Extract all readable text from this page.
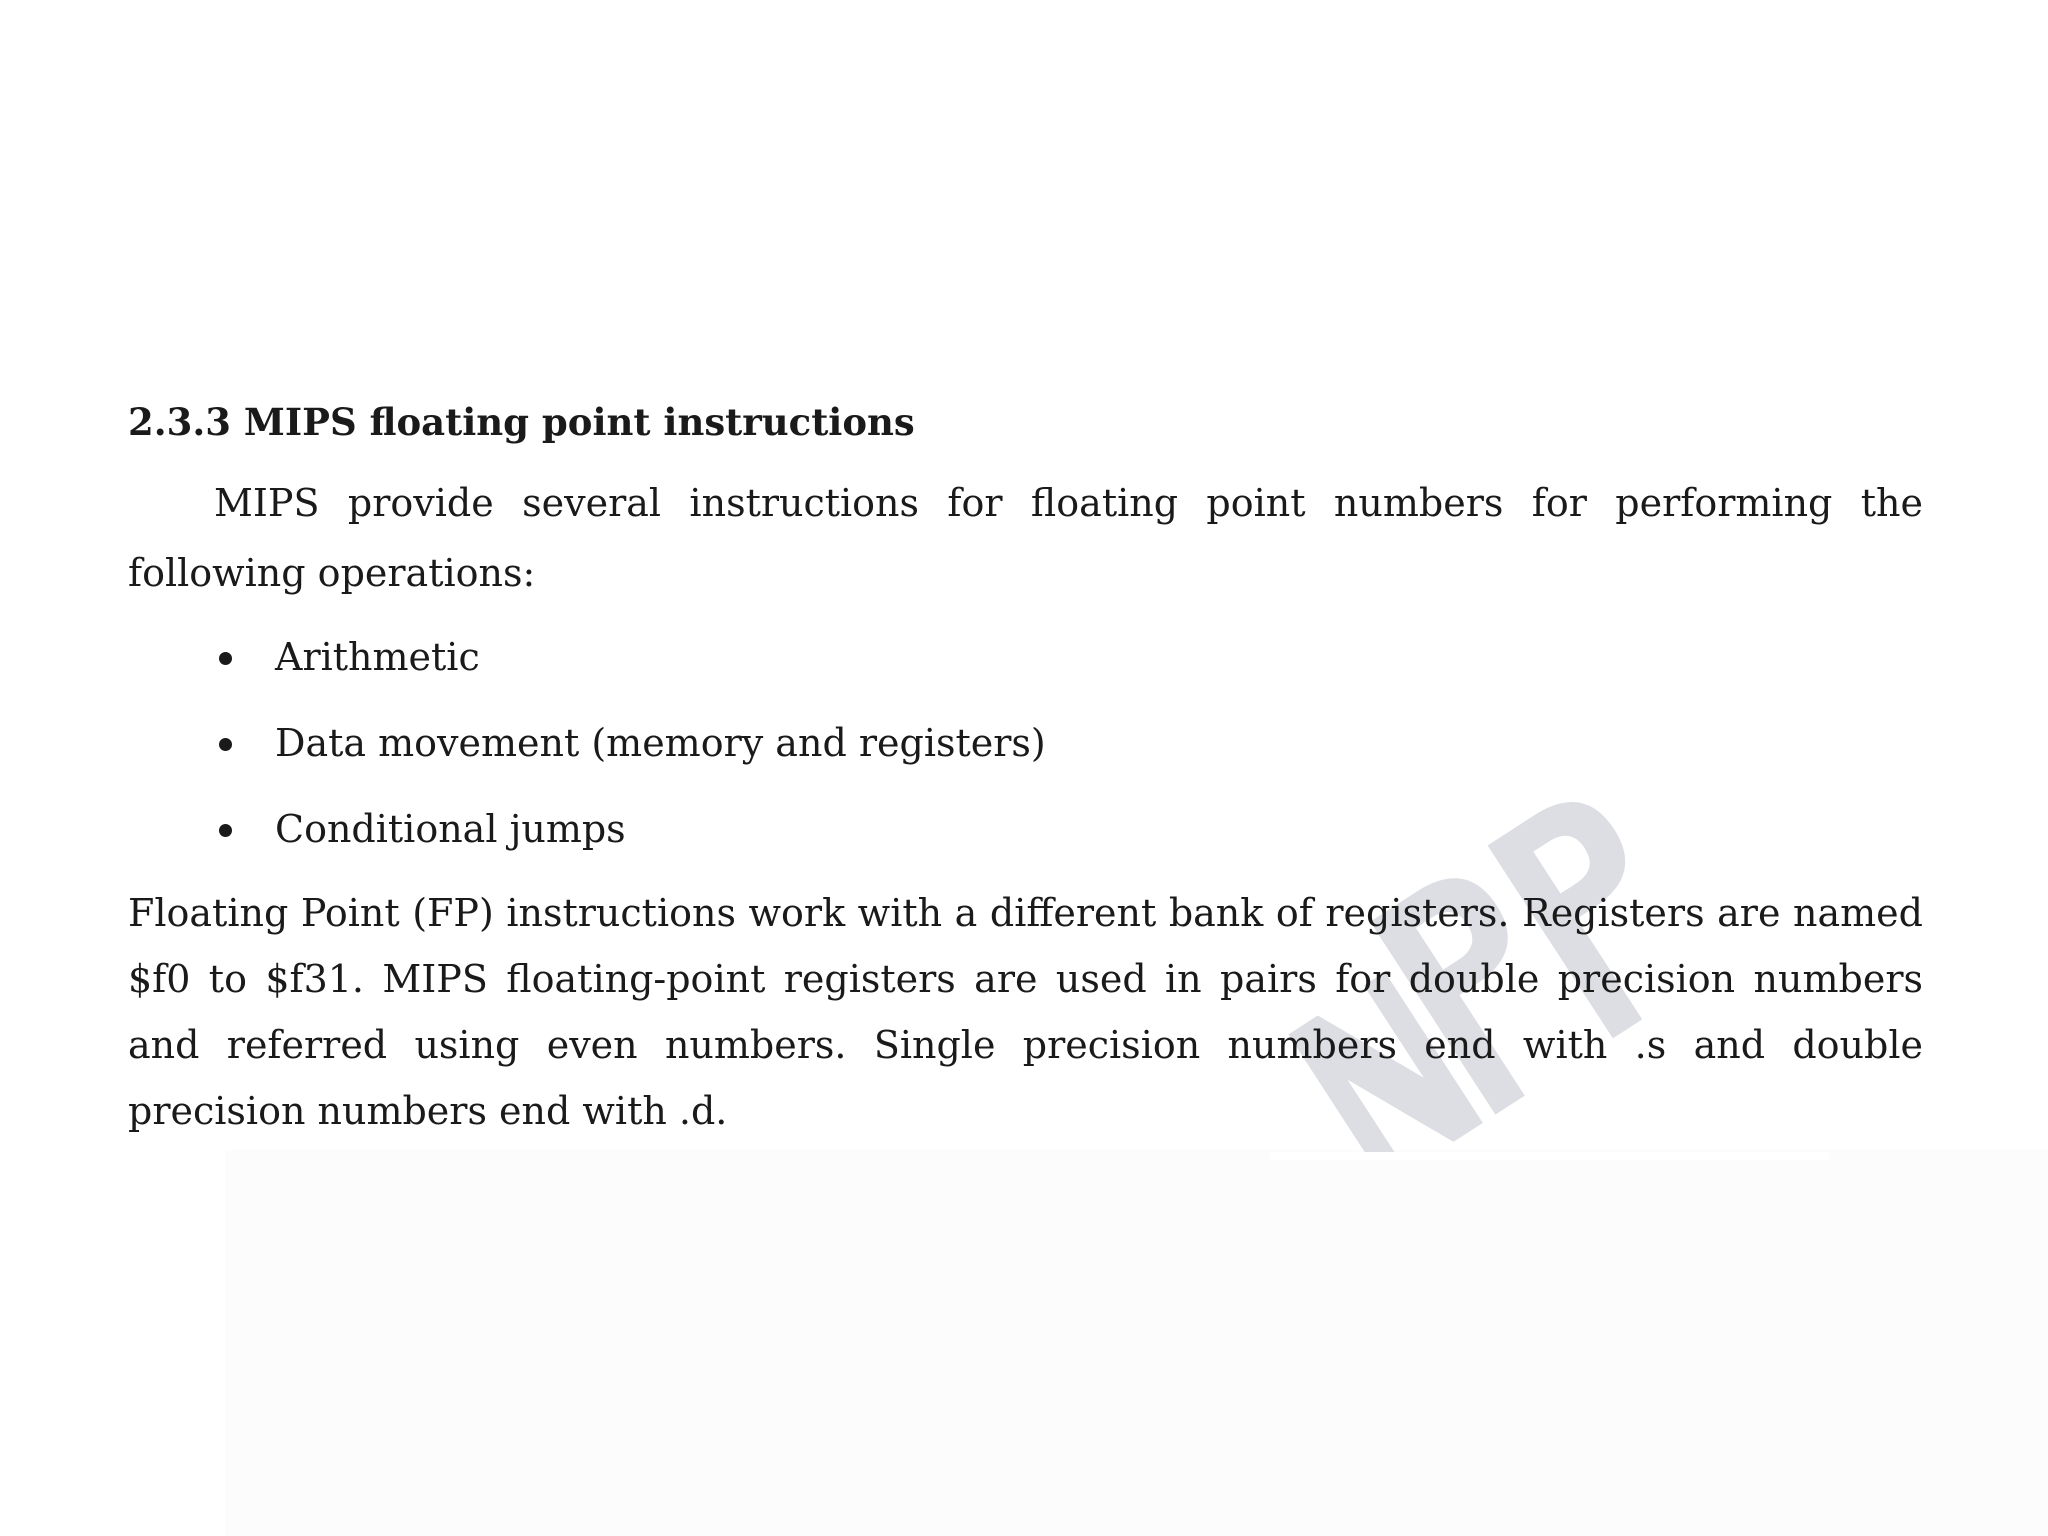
2.3.3 MIPS floating point instructions

MIPS provide several instructions for floating point numbers for performing the following operations:

Arithmetic
Data movement (memory and registers)
Conditional jumps

Floating Point (FP) instructions work with a different bank of registers. Registers are named $f0 to $f31. MIPS floating-point registers are used in pairs for double precision numbers and referred using even numbers. Single precision numbers end with .s and double precision numbers end with .d.
